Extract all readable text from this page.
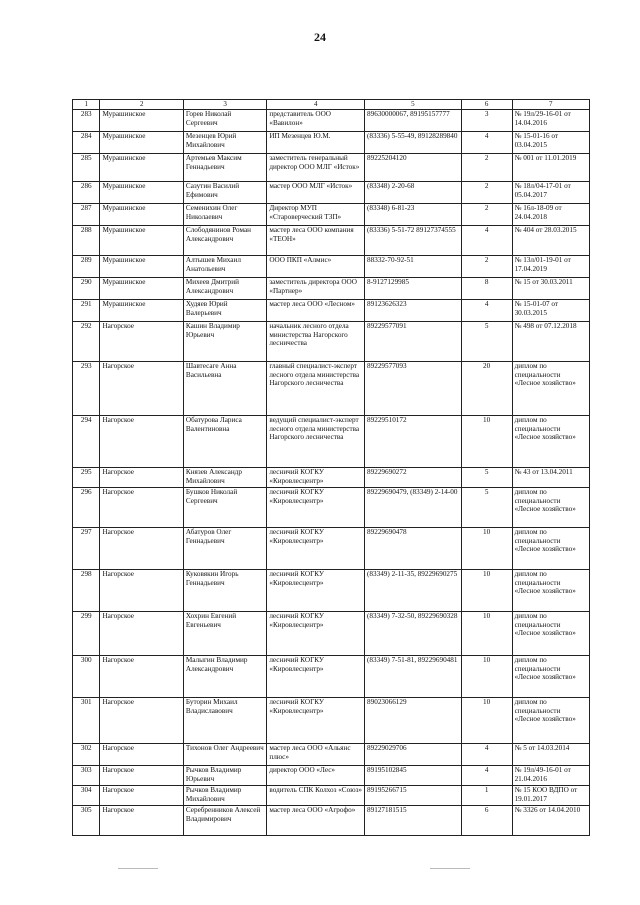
24
1	2	3	4	5	6	7
283	Мурашинское	Горев Николай Сергеевич	представитель ООО «Вавилон»	89630000067, 89195157777	3	№ 19л/29-16-01 от 14.04.2016
284	Мурашинское	Мезенцев Юрий Михайлович	ИП Мезенцев Ю.М.	(83336) 5-55-49, 89128289840	4	№ 15-01-16 от 03.04.2015
285	Мурашинское	Артемьев Максим Геннадьевич	заместитель генеральный директор ООО МЛГ «Исток»	89225204120	2	№ 001 от 11.01.2019
286	Мурашинское	Сазутин Василий Ефимович	мастер ООО МЛГ «Исток»	(83348) 2-20-68	2	№ 18л/04-17-01 от 05.04.2017
287	Мурашинское	Семенихин Олег Николаевич	Директор МУП «Староверческий ТЗП»	(83348) 6-81-23	2	№ 16л-18-09 от 24.04.2018
288	Мурашинское	Слободянинов Роман Александрович	мастер леса ООО компания «ТЕОН»	(83336) 5-51-72 89127374555	4	№ 404 от 28.03.2015
289	Мурашинское	Алтышев Михаил Анатольевич	ООО ПКП «Алмис»	88332-70-92-51	2	№ 13л/01-19-01 от 17.04.2019
290	Мурашинское	Михеев Дмитрий Александрович	заместитель директора ООО «Партнер»	8-9127129985	8	№ 15 от 30.03.2011
291	Мурашинское	Худяев Юрий Валерьевич	мастер леса ООО «Лесном»	89123626323	4	№ 15-01-07 от 30.03.2015
292	Нагорское	Кашин Владимир Юрьевич	начальник лесного отдела министерства Нагорского лесничества	89229577091	5	№ 498 от 07.12.2018
293	Нагорское	Шавтесаге Анна Васильевна	главный специалист-эксперт лесного отдела министерства Нагорского лесничества	89229577093	20	диплом по специальности «Лесное хозяйство»
294	Нагорское	Обатурова Лариса Валентиновна	ведущий специалист-эксперт лесного отдела министерства Нагорского лесничества	89229510172	10	диплом по специальности «Лесное хозяйство»
295	Нагорское	Князев Александр Михайлович	лесничий КОГКУ «Кировлесцентр»	89229690272	5	№ 43 от 13.04.2011
296	Нагорское	Бушков Николай Сергеевич	лесничий КОГКУ «Кировлесцентр»	89229690479, (83349) 2-14-00	5	диплом по специальности «Лесное хозяйство»
297	Нагорское	Абатуров Олег Геннадьевич	лесничий КОГКУ «Кировлесцентр»	89229690478	10	диплом по специальности «Лесное хозяйство»
298	Нагорское	Куковякин Игорь Геннадьевич	лесничий КОГКУ «Кировлесцентр»	(83349) 2-11-35, 89229690275	10	диплом по специальности «Лесное хозяйство»
299	Нагорское	Хохрин Евгений Евгеньевич	лесничий КОГКУ «Кировлесцентр»	(83349) 7-32-50, 89229690328	10	диплом по специальности «Лесное хозяйство»
300	Нагорское	Малыгин Владимир Александрович	лесничий КОГКУ «Кировлесцентр»	(83349) 7-51-81, 89229690481	10	диплом по специальности «Лесное хозяйство»
301	Нагорское	Буторин Михаил Владиславович	лесничий КОГКУ «Кировлесцентр»	89023066129	10	диплом по специальности «Лесное хозяйство»
302	Нагорское	Тихонов Олег Андреевич	мастер леса ООО «Альянс плюс»	89229029706	4	№ 5 от 14.03.2014
303	Нагорское	Рычков Владимир Юрьевич	директор ООО «Лес»	89195102845	4	№ 19л/49-16-01 от 21.04.2016
304	Нагорское	Рычков Владимир Михайлович	водитель СПК Колхоз «Союз»	89195266715	1	№ 15 КОО ВДПО от 19.01.2017
305	Нагорское	Серебренников Алексей Владимирович	мастер леса ООО «Агрофо»	89127181515	6	№ 3326 от 14.04.2010
